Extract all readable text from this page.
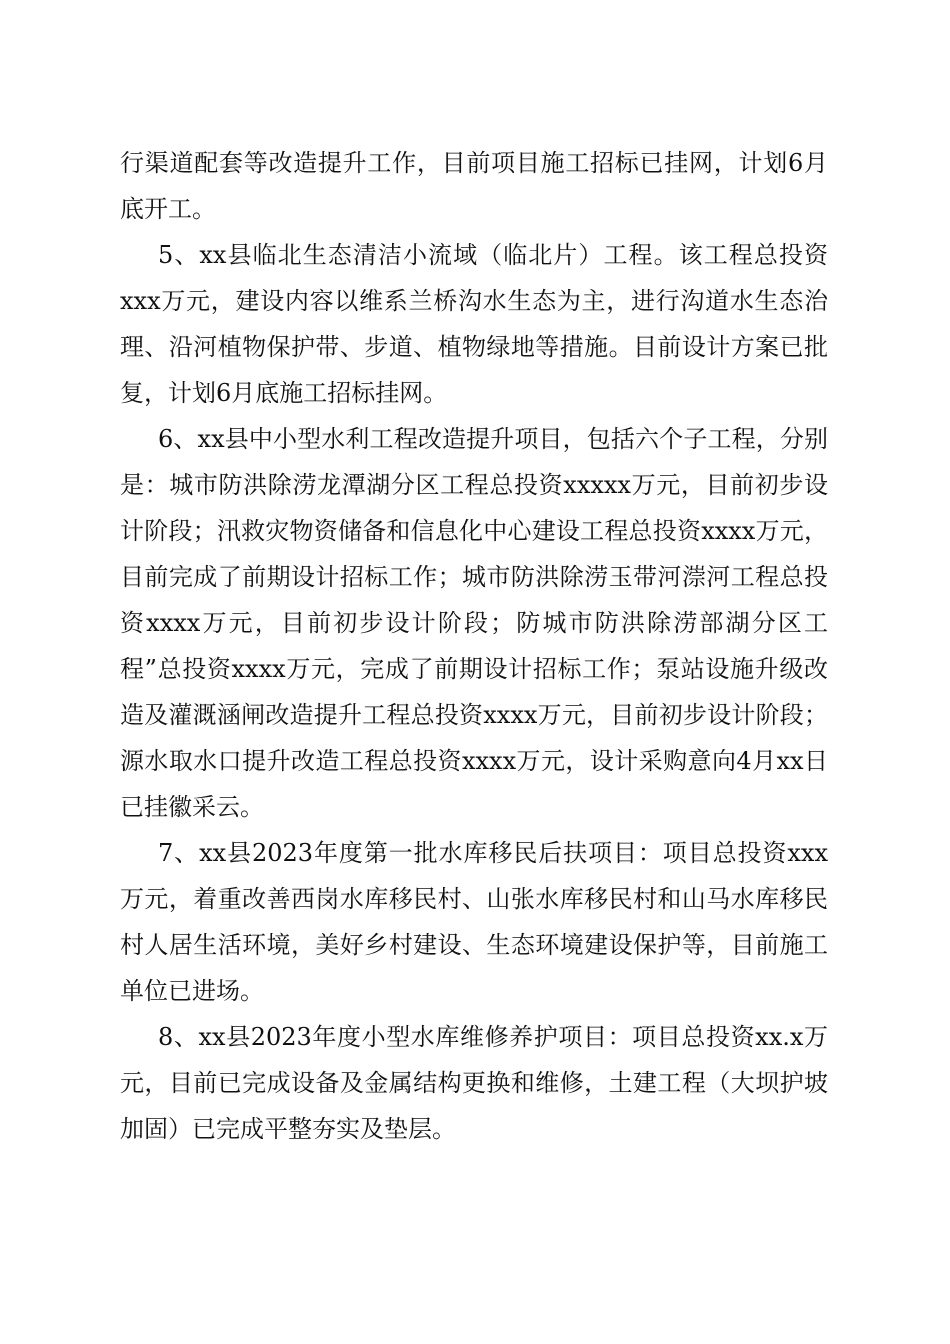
行渠道配套等改造提升工作，目前项目施工招标已挂网，计划6月底开工。

5、xx县临北生态清洁小流域（临北片）工程。该工程总投资xxx万元，建设内容以维系兰桥沟水生态为主，进行沟道水生态治理、沿河植物保护带、步道、植物绿地等措施。目前设计方案已批复，计划6月底施工招标挂网。

6、xx县中小型水利工程改造提升项目，包括六个子工程，分别是：城市防洪除涝龙潭湖分区工程总投资xxxxx万元，目前初步设计阶段；汛救灾物资储备和信息化中心建设工程总投资xxxx万元，目前完成了前期设计招标工作；城市防洪除涝玉带河漴河工程总投资xxxx万元，目前初步设计阶段；防城市防洪除涝部湖分区工程”总投资xxxx万元，完成了前期设计招标工作；泵站设施升级改造及灌溉涵闸改造提升工程总投资xxxx万元，目前初步设计阶段；源水取水口提升改造工程总投资xxxx万元，设计采购意向4月xx日已挂徽采云。

7、xx县2023年度第一批水库移民后扶项目：项目总投资xxx万元，着重改善西岗水库移民村、山张水库移民村和山马水库移民村人居生活环境，美好乡村建设、生态环境建设保护等，目前施工单位已进场。

8、xx县2023年度小型水库维修养护项目：项目总投资xx.x万元，目前已完成设备及金属结构更换和维修，土建工程（大坝护坡加固）已完成平整夯实及垫层。
